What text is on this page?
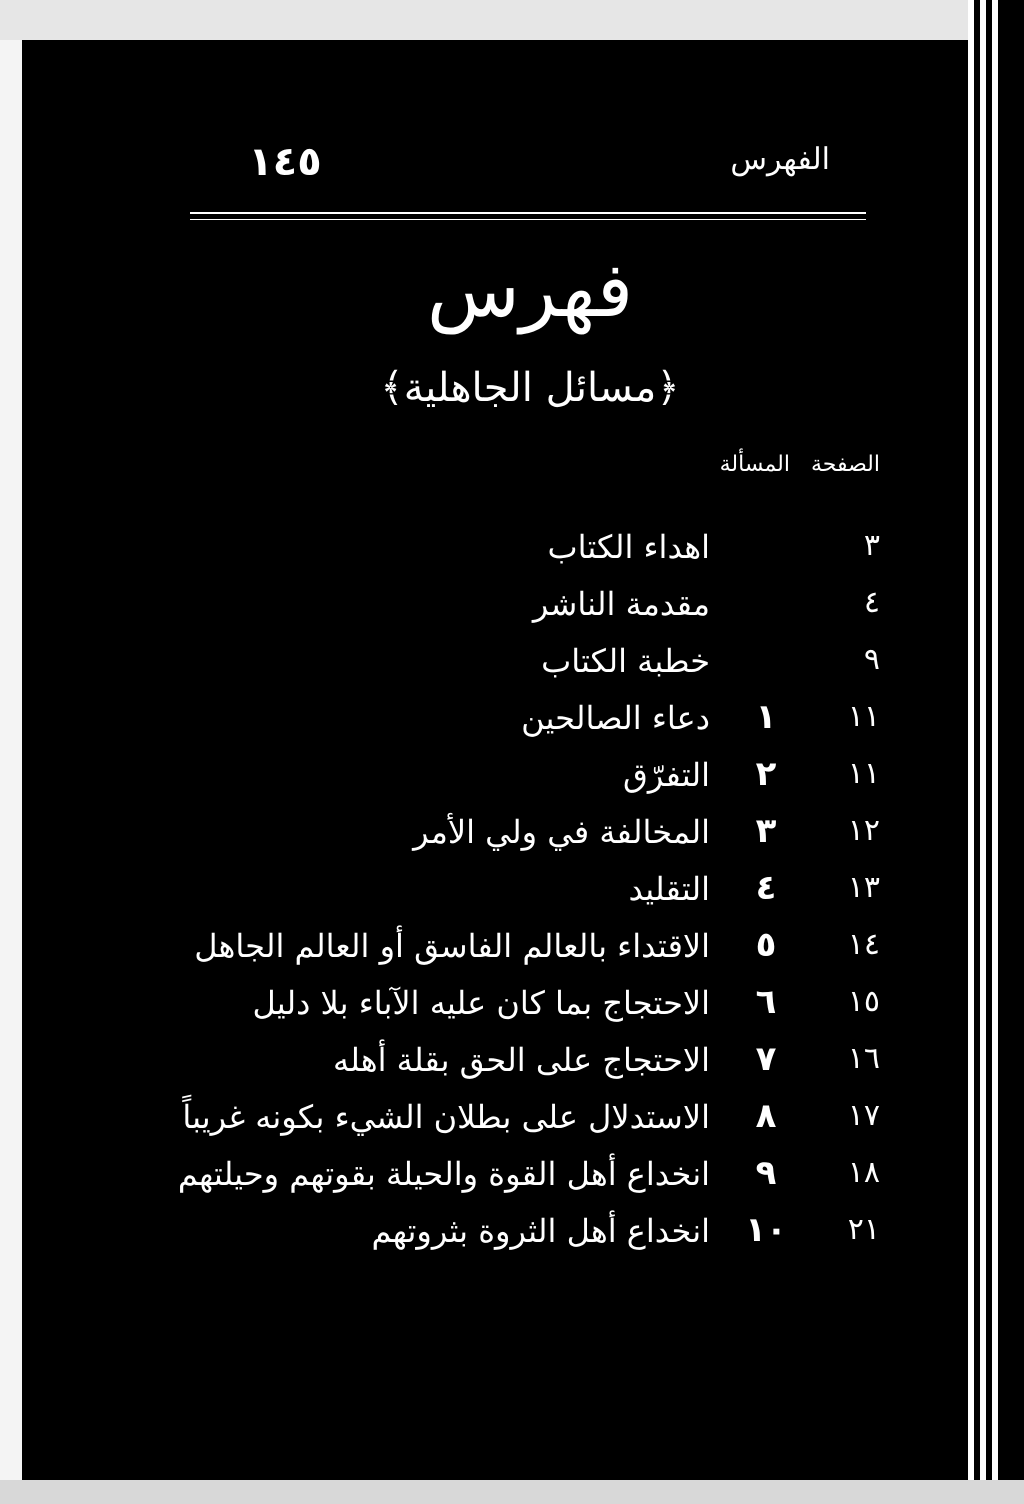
الفهرس
١٤٥
فهرس
﴿مسائل الجاهلية﴾
الصفحة
المسألة
٣
اهداء الكتاب
٤
مقدمة الناشر
٩
خطبة الكتاب
١١
١
دعاء الصالحين
١١
٢
التفرّق
١٢
٣
المخالفة في ولي الأمر
١٣
٤
التقليد
١٤
٥
الاقتداء بالعالم الفاسق أو العالم الجاهل
١٥
٦
الاحتجاج بما كان عليه الآباء بلا دليل
١٦
٧
الاحتجاج على الحق بقلة أهله
١٧
٨
الاستدلال على بطلان الشيء بكونه غريباً
١٨
٩
انخداع أهل القوة والحيلة بقوتهم وحيلتهم
٢١
١٠
انخداع أهل الثروة بثروتهم
